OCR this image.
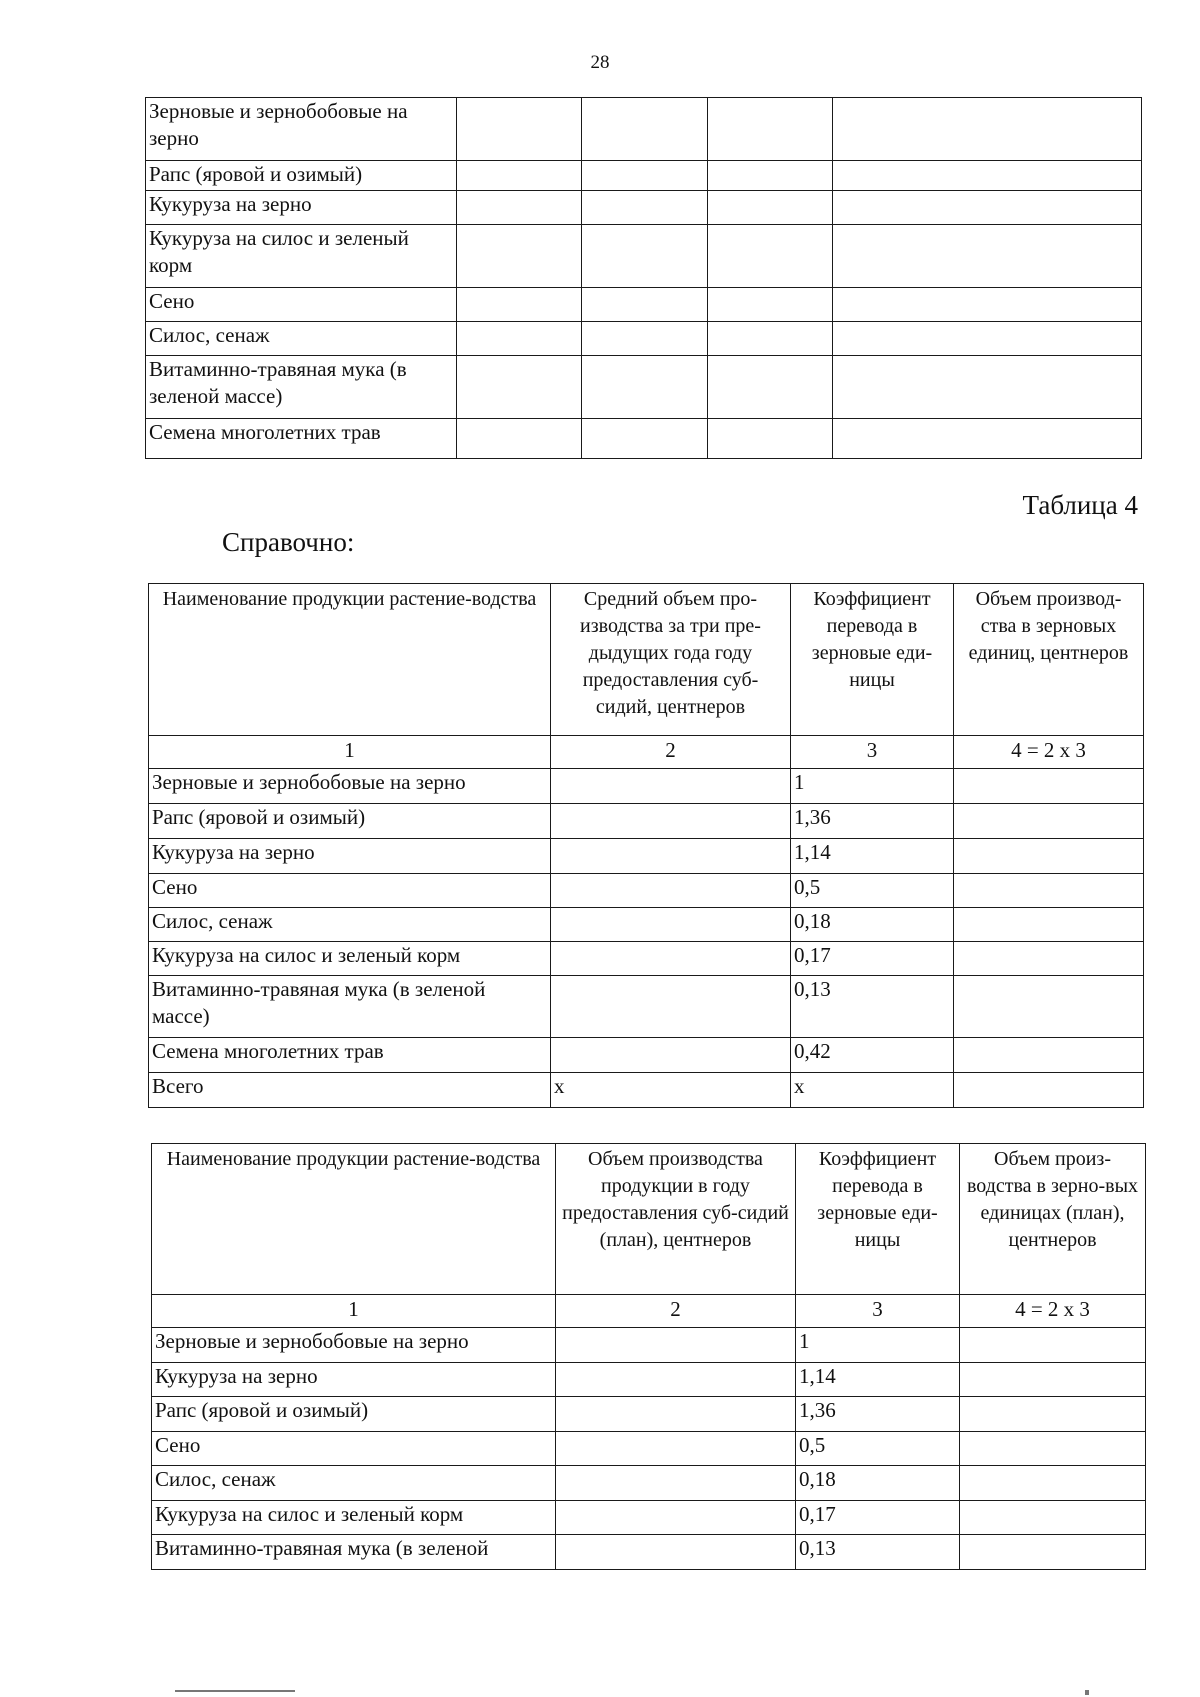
28
Зерновые и зернобобовые на зерно				
Рапс (яровой и озимый)				
Кукуруза на зерно				
Кукуруза на силос и зеленый корм				
Сено				
Силос, сенаж				
Витаминно-травяная мука (в зеленой массе)				
Семена многолетних трав				
Таблица 4
Справочно:
Наименование продукции растение-водства	Средний объем про-изводства за три пре-дыдущих года году предоставления суб-сидий, центнеров	Коэффициент перевода в зерновые еди-ницы	Объем производ-ства в зерновых единиц, центнеров
1	2	3	4 = 2 x 3
Зерновые и зернобобовые на зерно		1	
Рапс (яровой и озимый)		1,36	
Кукуруза на зерно		1,14	
Сено		0,5	
Силос, сенаж		0,18	
Кукуруза на силос и зеленый корм		0,17	
Витаминно-травяная мука (в зеленой массе)		0,13	
Семена многолетних трав		0,42	
Всего	х	х	
Наименование продукции растение-водства	Объем производства продукции в году предоставления суб-сидий (план), центнеров	Коэффициент перевода в зерновые еди-ницы	Объем произ-водства в зерно-вых единицах (план), центнеров
1	2	3	4 = 2 x 3
Зерновые и зернобобовые на зерно		1	
Кукуруза на зерно		1,14	
Рапс (яровой и озимый)		1,36	
Сено		0,5	
Силос, сенаж		0,18	
Кукуруза на силос и зеленый корм		0,17	
Витаминно-травяная мука (в зеленой		0,13	
